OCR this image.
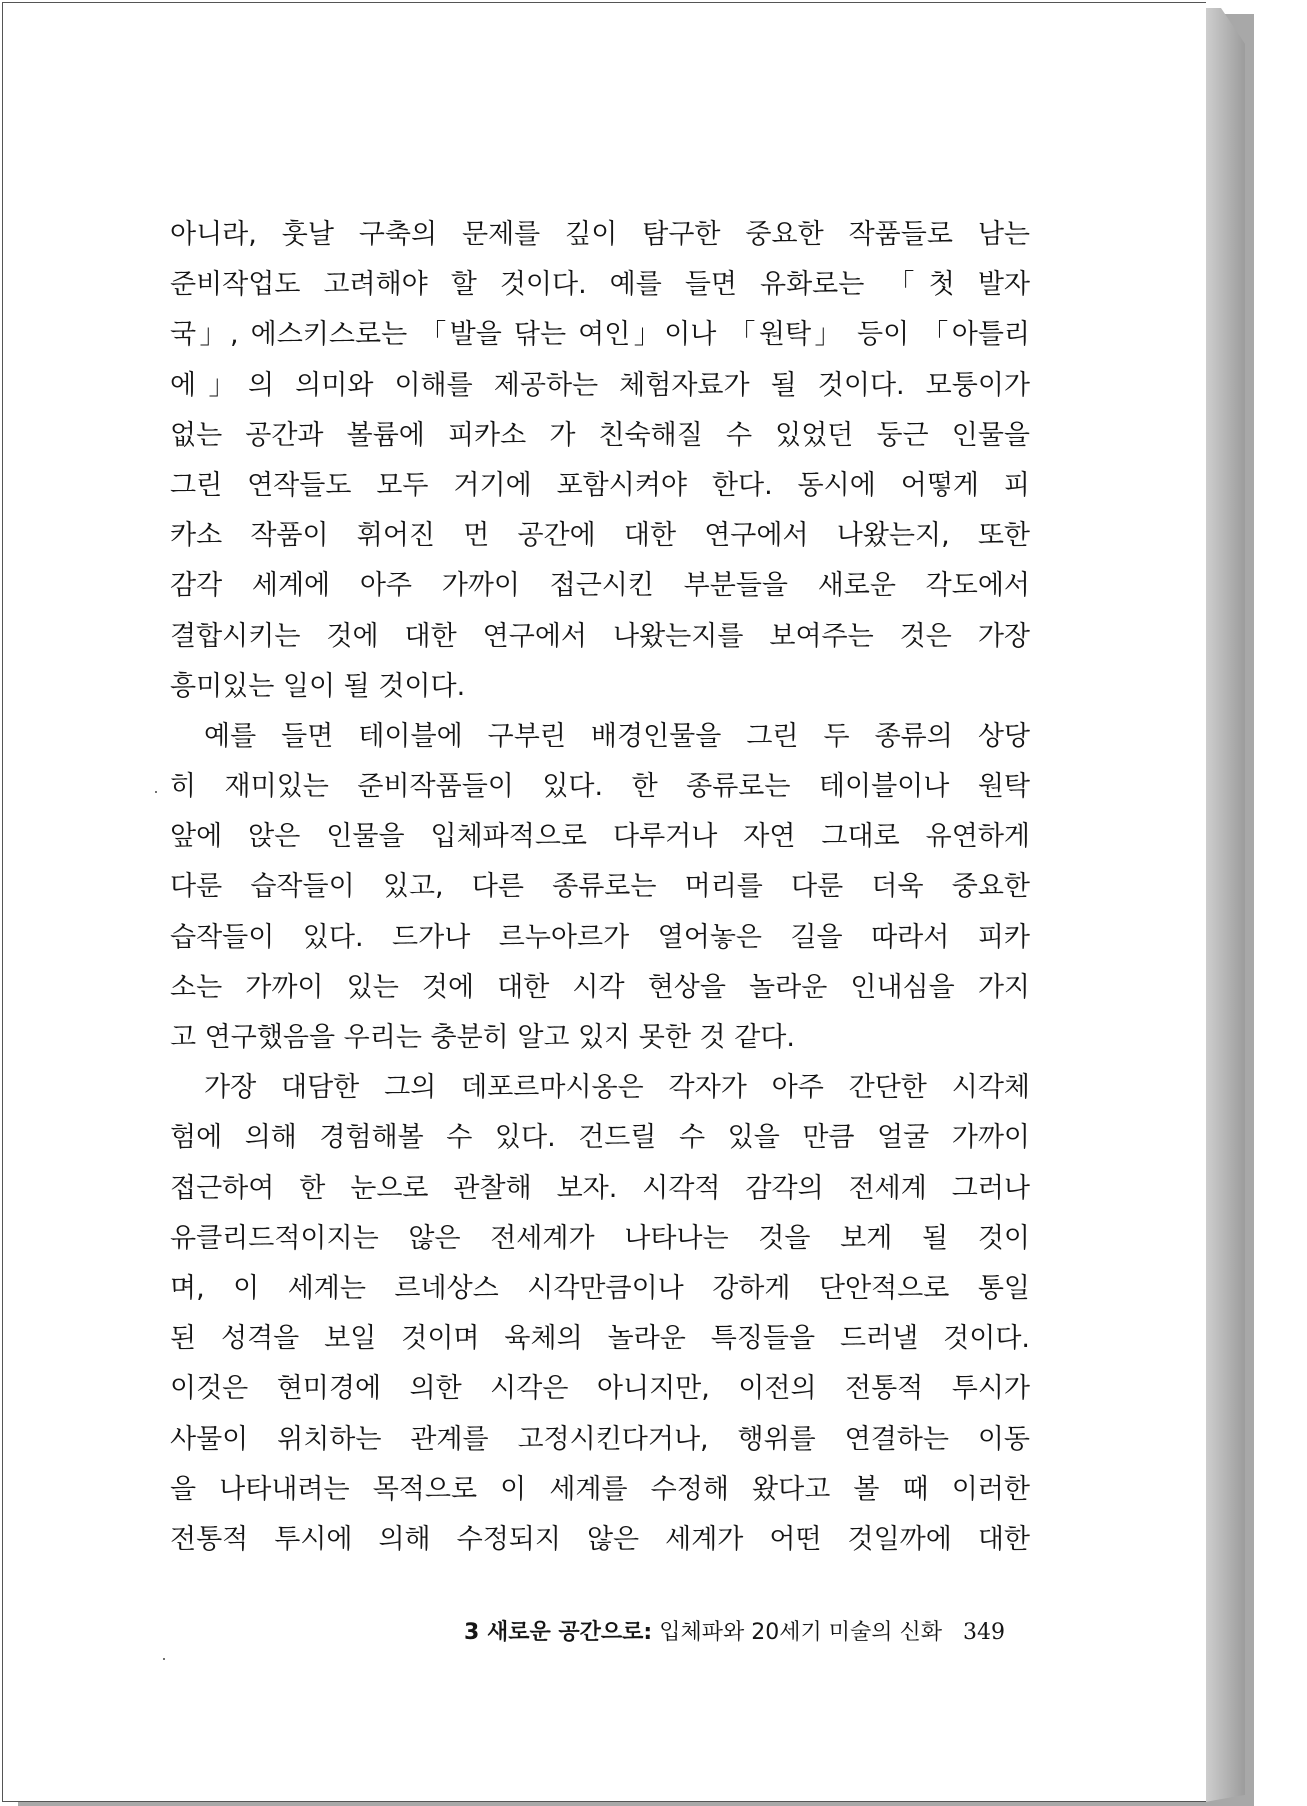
아니라, 훗날 구축의 문제를 깊이 탐구한 중요한 작품들로 남는
준비작업도 고려해야 할 것이다. 예를 들면 유화로는 「첫 발자
국」, 에스키스로는 「발을 닦는 여인」이나 「원탁」 등이 「아틀리
에」의 의미와 이해를 제공하는 체험자료가 될 것이다. 모퉁이가
없는 공간과 볼륨에 피카소 가 친숙해질 수 있었던 둥근 인물을
그린 연작들도 모두 거기에 포함시켜야 한다. 동시에 어떻게 피
카소 작품이 휘어진 먼 공간에 대한 연구에서 나왔는지, 또한
감각 세계에 아주 가까이 접근시킨 부분들을 새로운 각도에서
결합시키는 것에 대한 연구에서 나왔는지를 보여주는 것은 가장
흥미있는 일이 될 것이다.
예를 들면 테이블에 구부린 배경인물을 그린 두 종류의 상당
히 재미있는 준비작품들이 있다. 한 종류로는 테이블이나 원탁
앞에 앉은 인물을 입체파적으로 다루거나 자연 그대로 유연하게
다룬 습작들이 있고, 다른 종류로는 머리를 다룬 더욱 중요한
습작들이 있다. 드가나 르누아르가 열어놓은 길을 따라서 피카
소는 가까이 있는 것에 대한 시각 현상을 놀라운 인내심을 가지
고 연구했음을 우리는 충분히 알고 있지 못한 것 같다.
가장 대담한 그의 데포르마시옹은 각자가 아주 간단한 시각체
험에 의해 경험해볼 수 있다. 건드릴 수 있을 만큼 얼굴 가까이
접근하여 한 눈으로 관찰해 보자. 시각적 감각의 전세계 그러나
유클리드적이지는 않은 전세계가 나타나는 것을 보게 될 것이
며, 이 세계는 르네상스 시각만큼이나 강하게 단안적으로 통일
된 성격을 보일 것이며 육체의 놀라운 특징들을 드러낼 것이다.
이것은 현미경에 의한 시각은 아니지만, 이전의 전통적 투시가
사물이 위치하는 관계를 고정시킨다거나, 행위를 연결하는 이동
을 나타내려는 목적으로 이 세계를 수정해 왔다고 볼 때 이러한
전통적 투시에 의해 수정되지 않은 세계가 어떤 것일까에 대한
3 새로운 공간으로: 입체파와 20세기 미술의 신화 349
